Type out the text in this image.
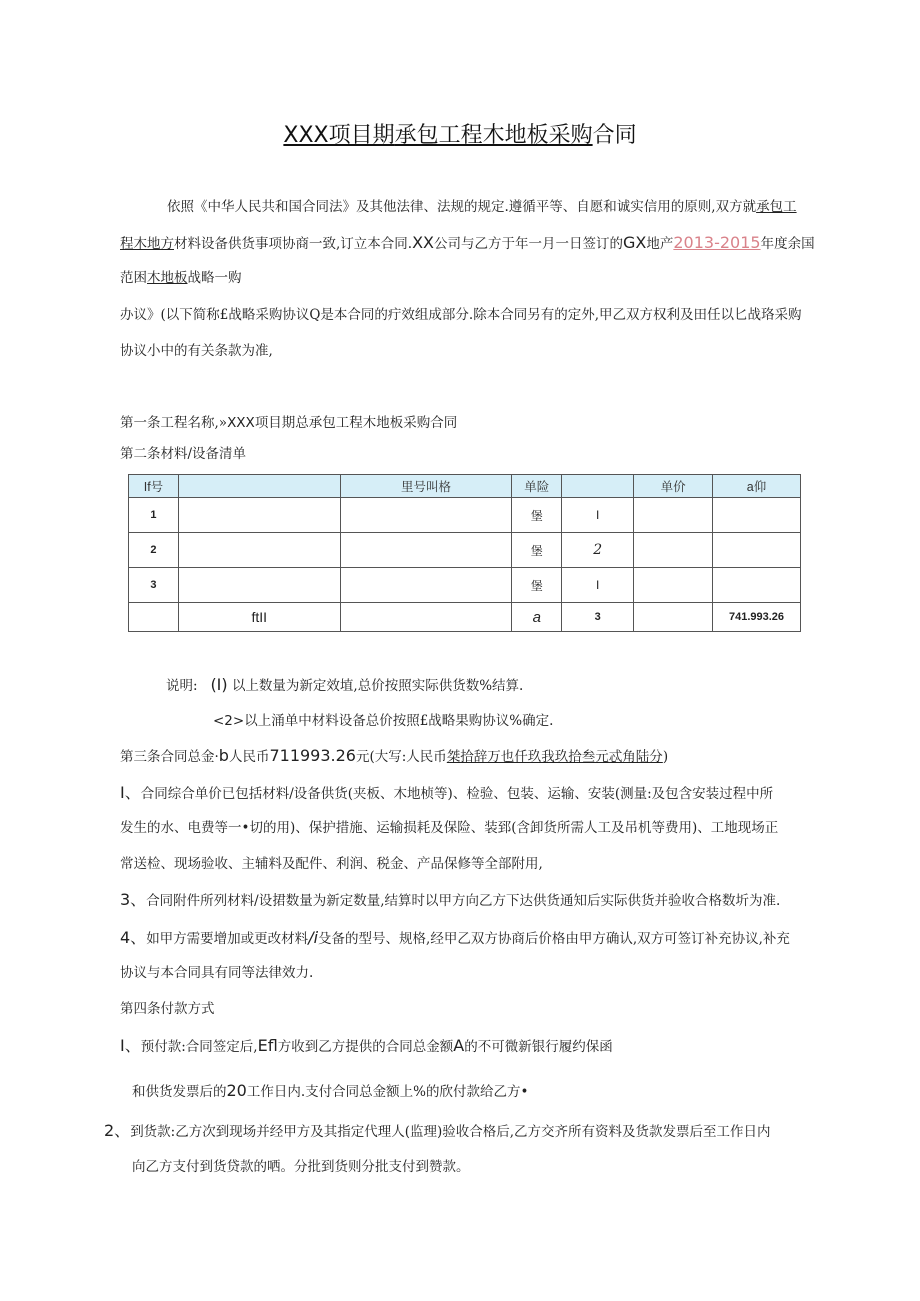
XXX项目期承包工程木地板采购合同
依照《中华人民共和国合同法》及其他法律、法规的规定.遵循平等、自愿和诚实信用的原则,双方就承包工
程木地方材料设备供货事项协商一致,订立本合同.XX公司与乙方于年一月一日签订的GX地产2013-2015年度余国
范困木地板战略一购
办议》(以下简称£战略采购协议Q是本合同的疔效组成部分.除本合同另有的定外,甲乙双方权利及田任以匕战珞采购
协议小中的有关条款为准,
第一条工程名称,»XXX项目期总承包工程木地板采购合同
第二条材料/设备清单
If号		里号叫格	单险		单价	a仰
1			堡	I		
2			堡	2		
3			堡	I		
	ftII		a	3		741.993.26
说明: (I) 以上数量为新定效埴,总价按照实际供货数%结算.
<2>以上涌单中材料设备总价按照£战略果购协议%确定.
第三条合同总金·b人民币711993.26元(大写:人民币桀拾辞万也仟玖我玖拾叁元忒角陆分)
I、合同综合单价已包括材料/设备供货(夹板、木地桢等)、检验、包装、运输、安装(测量:及包含安装过程中所
发生的水、电费等一•切的用)、保护措施、运输损耗及保险、装郅(含卸货所需人工及吊机等费用)、工地现场正
常送检、现场验收、主辅料及配件、利润、税金、产品保修等全部附用,
3、合同附件所列材料/设捃数量为新定数量,结算时以甲方向乙方下达供货通知后实际供货并验收合格数圻为准.
4、如甲方需要增加或更改材料/i殳备的型号、规格,经甲乙双方协商后价格由甲方确认,双方可签订补充协议,补充
协议与本合同具有同等法律效力.
第四条付款方式
I、预付款:合同签定后,Efl方收到乙方提供的合同总金额A的不可微新银行履约保函
和供货发票后的20工作日内.支付合同总金额上%的欣付款给乙方•
2、到货款:乙方次到现场并经甲方及其指定代理人(监理)验收合格后,乙方交齐所有资料及货款发票后至工作日内
向乙方支付到货贷款的哂。分批到货则分批支付到赞款。
